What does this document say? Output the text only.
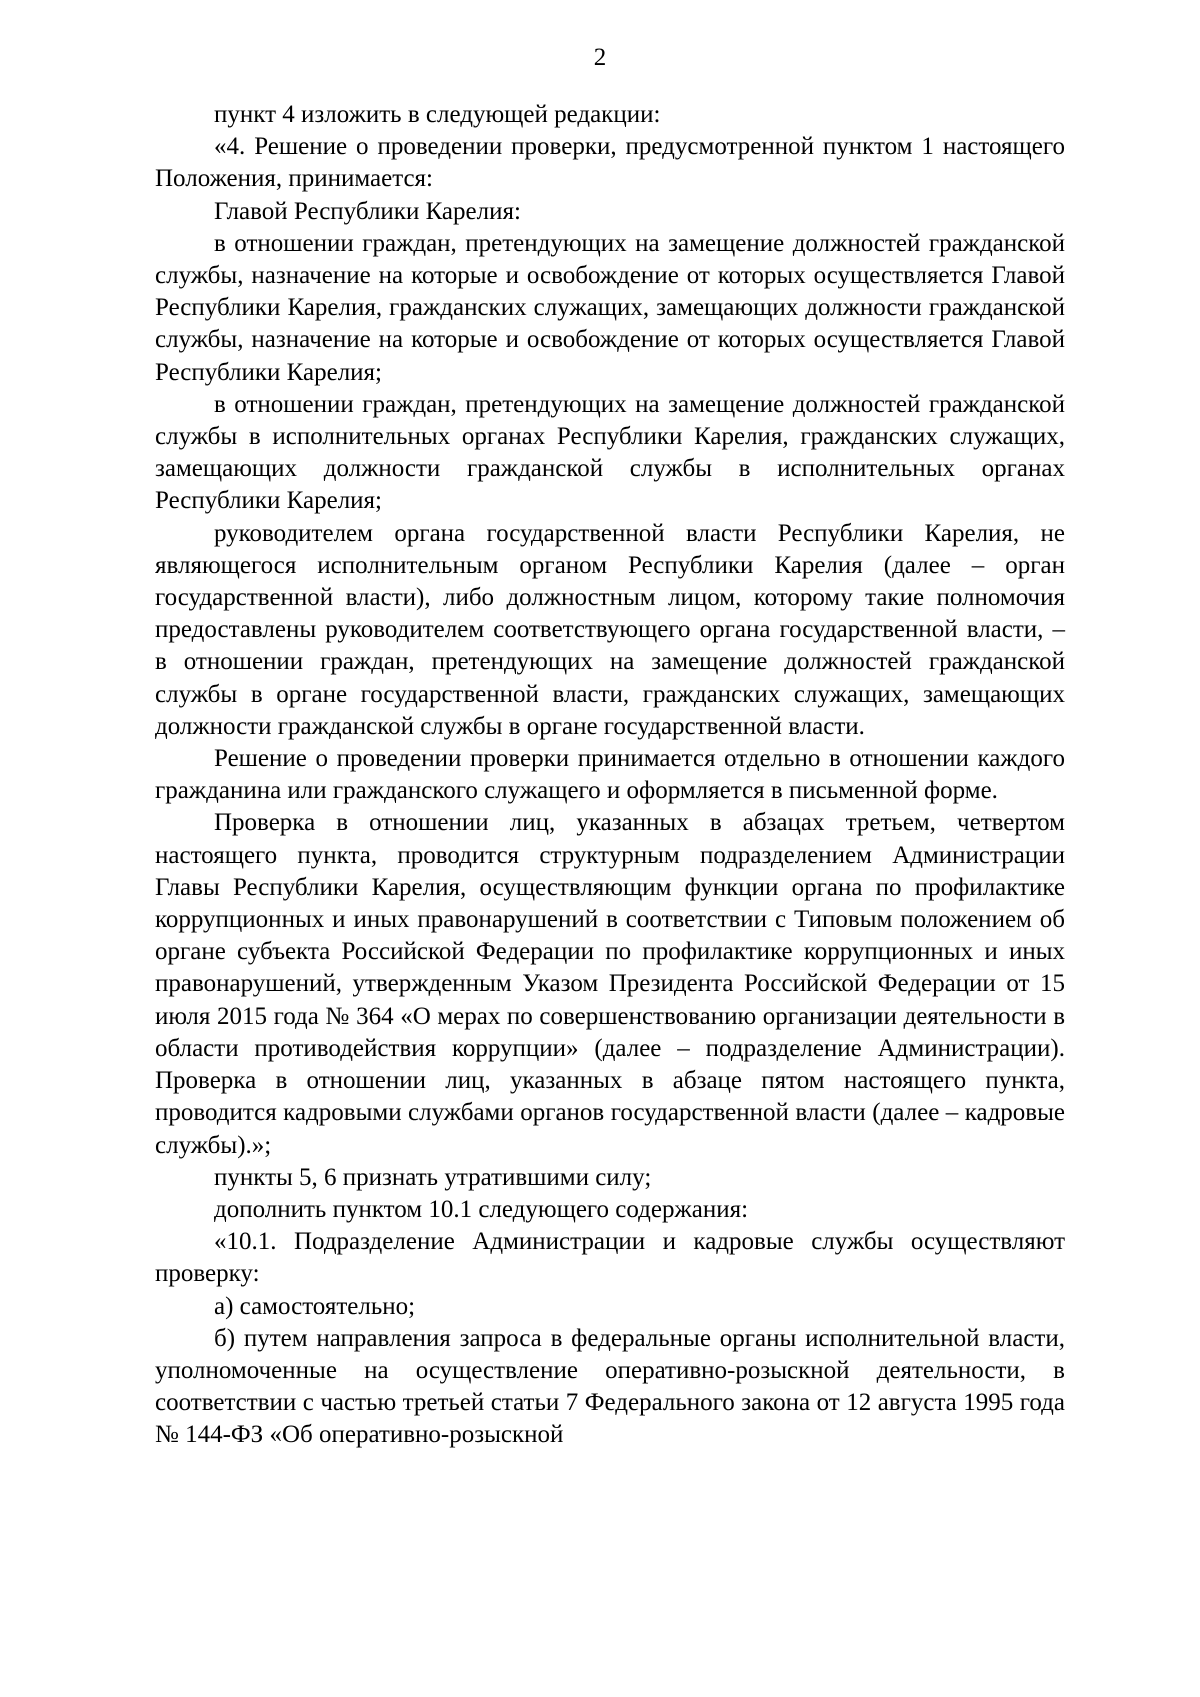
2

пункт 4 изложить в следующей редакции:

«4. Решение о проведении проверки, предусмотренной пунктом 1 настоящего Положения, принимается:

Главой Республики Карелия:

в отношении граждан, претендующих на замещение должностей гражданской службы, назначение на которые и освобождение от которых осуществляется Главой Республики Карелия, гражданских служащих, замещающих должности гражданской службы, назначение на которые и освобождение от которых осуществляется Главой Республики Карелия;

в отношении граждан, претендующих на замещение должностей гражданской службы в исполнительных органах Республики Карелия, гражданских служащих, замещающих должности гражданской службы в исполнительных органах Республики Карелия;

руководителем органа государственной власти Республики Карелия, не являющегося исполнительным органом Республики Карелия (далее – орган государственной власти), либо должностным лицом, которому такие полномочия предоставлены руководителем соответствующего органа государственной власти, – в отношении граждан, претендующих на замещение должностей гражданской службы в органе государственной власти, гражданских служащих, замещающих должности гражданской службы в органе государственной власти.

Решение о проведении проверки принимается отдельно в отношении каждого гражданина или гражданского служащего и оформляется в письменной форме.

Проверка в отношении лиц, указанных в абзацах третьем, четвертом настоящего пункта, проводится структурным подразделением Администрации Главы Республики Карелия, осуществляющим функции органа по профилактике коррупционных и иных правонарушений в соответствии с Типовым положением об органе субъекта Российской Федерации по профилактике коррупционных и иных правонарушений, утвержденным Указом Президента Российской Федерации от 15 июля 2015 года № 364 «О мерах по совершенствованию организации деятельности в области противодействия коррупции» (далее – подразделение Администрации). Проверка в отношении лиц, указанных в абзаце пятом настоящего пункта, проводится кадровыми службами органов государственной власти (далее – кадровые службы).»;

пункты 5, 6 признать утратившими силу;

дополнить пунктом 10.1 следующего содержания:

«10.1. Подразделение Администрации и кадровые службы осуществляют проверку:

а) самостоятельно;

б) путем направления запроса в федеральные органы исполнительной власти, уполномоченные на осуществление оперативно-розыскной деятельности, в соответствии с частью третьей статьи 7 Федерального закона от 12 августа 1995 года № 144-ФЗ «Об оперативно-розыскной
